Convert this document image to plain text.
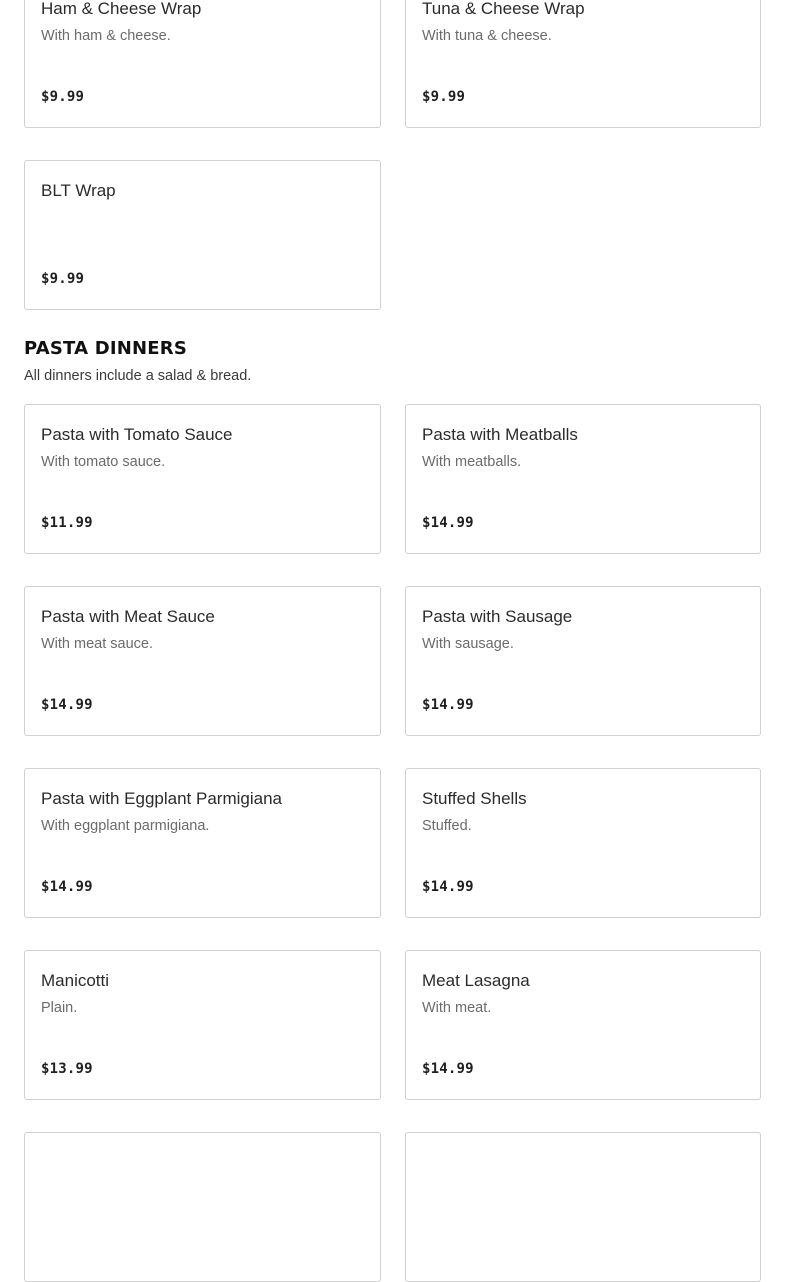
Ham & Cheese Wrap
With ham & cheese.
$9.99
Tuna & Cheese Wrap
With tuna & cheese.
$9.99
BLT Wrap
$9.99
PASTA DINNERS
All dinners include a salad & bread.
Pasta with Tomato Sauce
With tomato sauce.
$11.99
Pasta with Meatballs
With meatballs.
$14.99
Pasta with Meat Sauce
With meat sauce.
$14.99
Pasta with Sausage
With sausage.
$14.99
Pasta with Eggplant Parmigiana
With eggplant parmigiana.
$14.99
Stuffed Shells
Stuffed.
$14.99
Manicotti
Plain.
$13.99
Meat Lasagna
With meat.
$14.99
